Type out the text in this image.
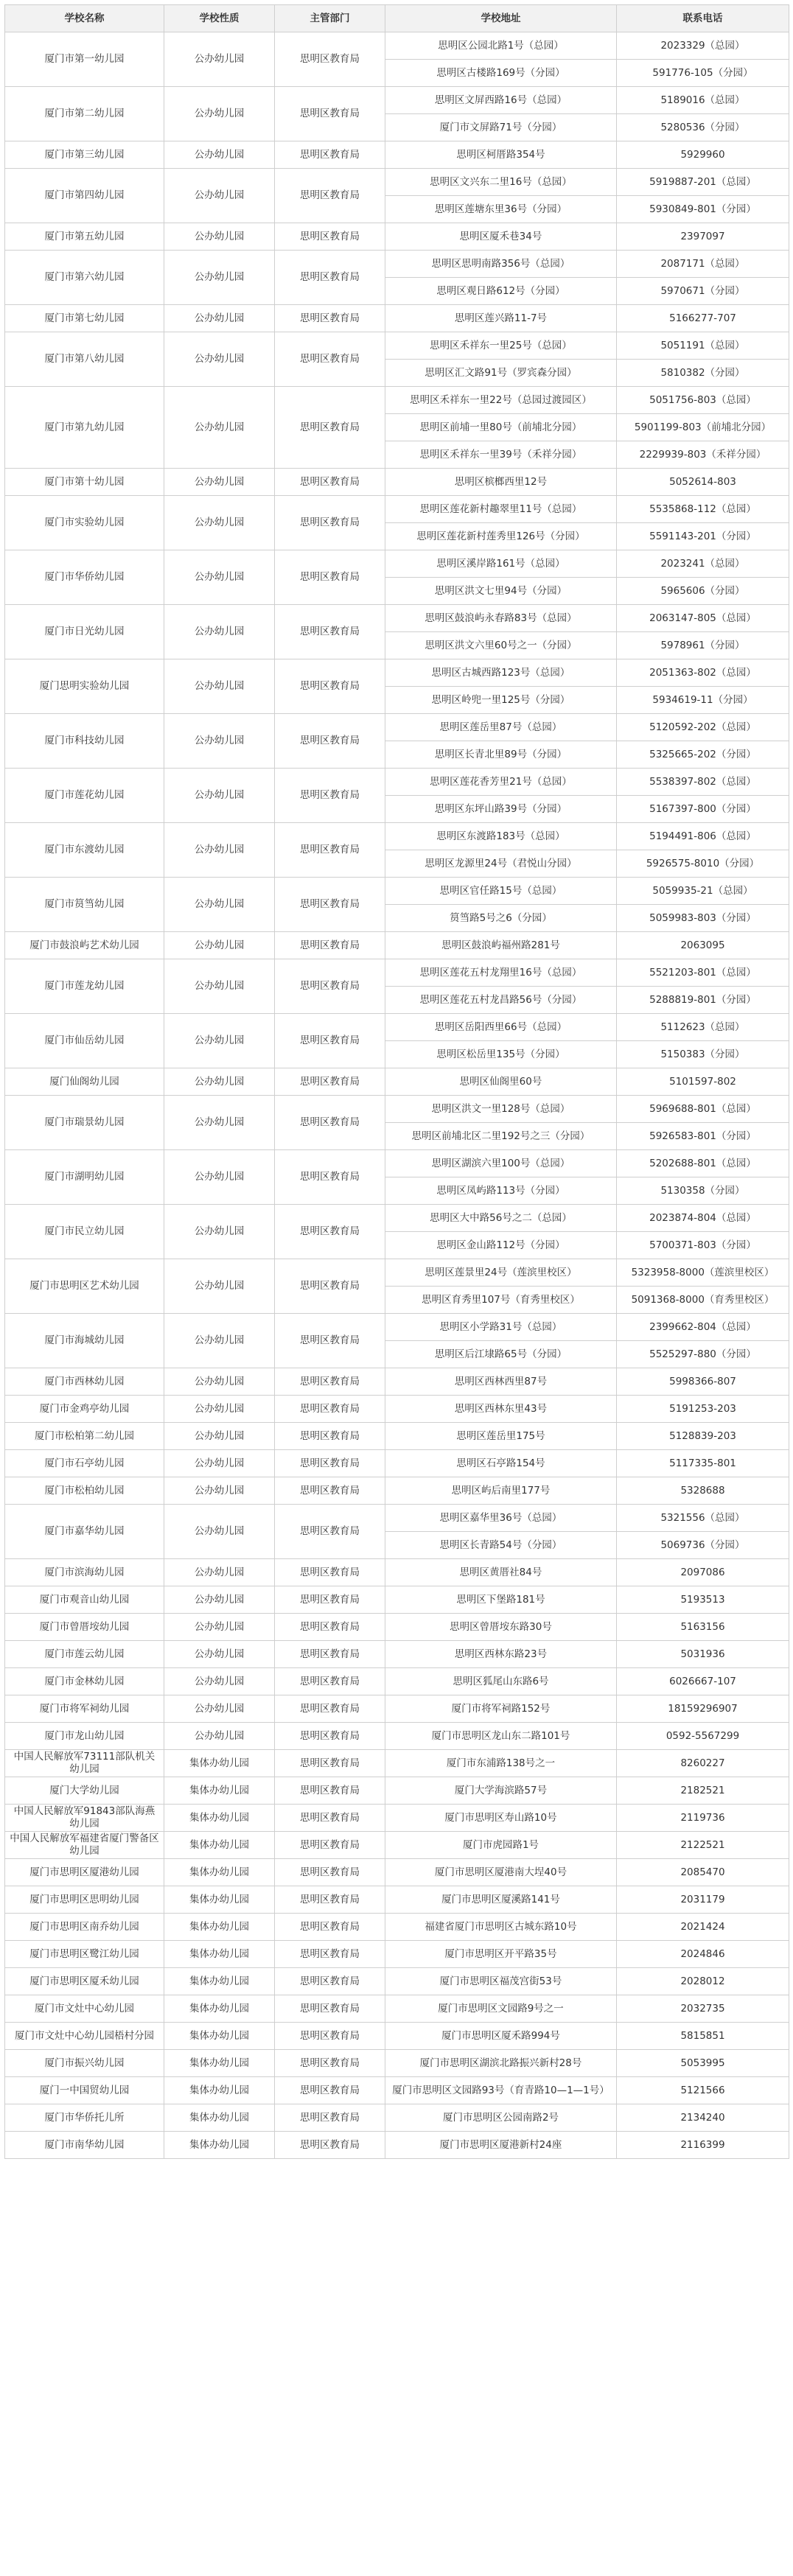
学校名称	学校性质	主管部门	学校地址	联系电话
厦门市第一幼儿园	公办幼儿园	思明区教育局	思明区公园北路1号（总园）	2023329（总园）
			思明区古楼路169号（分园）	591776-105（分园）
厦门市第二幼儿园	公办幼儿园	思明区教育局	思明区文屏西路16号（总园）	5189016（总园）
			厦门市文屏路71号（分园）	5280536（分园）
厦门市第三幼儿园	公办幼儿园	思明区教育局	思明区柯厝路354号	5929960
厦门市第四幼儿园	公办幼儿园	思明区教育局	思明区文兴东二里16号（总园）	5919887-201（总园）
			思明区莲塘东里36号（分园）	5930849-801（分园）
厦门市第五幼儿园	公办幼儿园	思明区教育局	思明区厦禾巷34号	2397097
厦门市第六幼儿园	公办幼儿园	思明区教育局	思明区思明南路356号（总园）	2087171（总园）
			思明区观日路612号（分园）	5970671（分园）
厦门市第七幼儿园	公办幼儿园	思明区教育局	思明区莲兴路11-7号	5166277-707
厦门市第八幼儿园	公办幼儿园	思明区教育局	思明区禾祥东一里25号（总园）	5051191（总园）
			思明区汇文路91号（罗宾森分园）	5810382（分园）
厦门市第九幼儿园	公办幼儿园	思明区教育局	思明区禾祥东一里22号（总园过渡园区）	5051756-803（总园）
			思明区前埔一里80号（前埔北分园）	5901199-803（前埔北分园）
			思明区禾祥东一里39号（禾祥分园）	2229939-803（禾祥分园）
厦门市第十幼儿园	公办幼儿园	思明区教育局	思明区槟榔西里12号	5052614-803
厦门市实验幼儿园	公办幼儿园	思明区教育局	思明区莲花新村趣翠里11号（总园）	5535868-112（总园）
			思明区莲花新村莲秀里126号（分园）	5591143-201（分园）
厦门市华侨幼儿园	公办幼儿园	思明区教育局	思明区溪岸路161号（总园）	2023241（总园）
			思明区洪文七里94号（分园）	5965606（分园）
厦门市日光幼儿园	公办幼儿园	思明区教育局	思明区鼓浪屿永春路83号（总园）	2063147-805（总园）
			思明区洪文六里60号之一（分园）	5978961（分园）
厦门思明实验幼儿园	公办幼儿园	思明区教育局	思明区古城西路123号（总园）	2051363-802（总园）
			思明区岭兜一里125号（分园）	5934619-11（分园）
厦门市科技幼儿园	公办幼儿园	思明区教育局	思明区莲岳里87号（总园）	5120592-202（总园）
			思明区长青北里89号（分园）	5325665-202（分园）
厦门市莲花幼儿园	公办幼儿园	思明区教育局	思明区莲花香芳里21号（总园）	5538397-802（总园）
			思明区东坪山路39号（分园）	5167397-800（分园）
厦门市东渡幼儿园	公办幼儿园	思明区教育局	思明区东渡路183号（总园）	5194491-806（总园）
			思明区龙源里24号（君悦山分园）	5926575-8010（分园）
厦门市筼筜幼儿园	公办幼儿园	思明区教育局	思明区官任路15号（总园）	5059935-21（总园）
			筼筜路5号之6（分园）	5059983-803（分园）
厦门市鼓浪屿艺术幼儿园	公办幼儿园	思明区教育局	思明区鼓浪屿福州路281号	2063095
厦门市莲龙幼儿园	公办幼儿园	思明区教育局	思明区莲花五村龙翔里16号（总园）	5521203-801（总园）
			思明区莲花五村龙昌路56号（分园）	5288819-801（分园）
厦门市仙岳幼儿园	公办幼儿园	思明区教育局	思明区岳阳西里66号（总园）	5112623（总园）
			思明区松岳里135号（分园）	5150383（分园）
厦门仙阁幼儿园	公办幼儿园	思明区教育局	思明区仙阁里60号	5101597-802
厦门市瑞景幼儿园	公办幼儿园	思明区教育局	思明区洪文一里128号（总园）	5969688-801（总园）
			思明区前埔北区二里192号之三（分园）	5926583-801（分园）
厦门市湖明幼儿园	公办幼儿园	思明区教育局	思明区湖滨六里100号（总园）	5202688-801（总园）
			思明区凤屿路113号（分园）	5130358（分园）
厦门市民立幼儿园	公办幼儿园	思明区教育局	思明区大中路56号之二（总园）	2023874-804（总园）
			思明区金山路112号（分园）	5700371-803（分园）
厦门市思明区艺术幼儿园	公办幼儿园	思明区教育局	思明区莲景里24号（莲滨里校区）	5323958-8000（莲滨里校区）
			思明区育秀里107号（育秀里校区）	5091368-8000（育秀里校区）
厦门市海城幼儿园	公办幼儿园	思明区教育局	思明区小学路31号（总园）	2399662-804（总园）
			思明区后江埭路65号（分园）	5525297-880（分园）
厦门市西林幼儿园	公办幼儿园	思明区教育局	思明区西林西里87号	5998366-807
厦门市金鸡亭幼儿园	公办幼儿园	思明区教育局	思明区西林东里43号	5191253-203
厦门市松柏第二幼儿园	公办幼儿园	思明区教育局	思明区莲岳里175号	5128839-203
厦门市石亭幼儿园	公办幼儿园	思明区教育局	思明区石亭路154号	5117335-801
厦门市松柏幼儿园	公办幼儿园	思明区教育局	思明区屿后南里177号	5328688
厦门市嘉华幼儿园	公办幼儿园	思明区教育局	思明区嘉华里36号（总园）	5321556（总园）
			思明区长青路54号（分园）	5069736（分园）
厦门市滨海幼儿园	公办幼儿园	思明区教育局	思明区黄厝社84号	2097086
厦门市观音山幼儿园	公办幼儿园	思明区教育局	思明区下堡路181号	5193513
厦门市曾厝垵幼儿园	公办幼儿园	思明区教育局	思明区曾厝垵东路30号	5163156
厦门市莲云幼儿园	公办幼儿园	思明区教育局	思明区西林东路23号	5031936
厦门市金林幼儿园	公办幼儿园	思明区教育局	思明区狐尾山东路6号	6026667-107
厦门市将军祠幼儿园	公办幼儿园	思明区教育局	厦门市将军祠路152号	18159296907
厦门市龙山幼儿园	公办幼儿园	思明区教育局	厦门市思明区龙山东二路101号	0592-5567299
中国人民解放军73111部队机关幼儿园	集体办幼儿园	思明区教育局	厦门市东浦路138号之一	8260227
厦门大学幼儿园	集体办幼儿园	思明区教育局	厦门大学海滨路57号	2182521
中国人民解放军91843部队海燕幼儿园	集体办幼儿园	思明区教育局	厦门市思明区寿山路10号	2119736
中国人民解放军福建省厦门警备区幼儿园	集体办幼儿园	思明区教育局	厦门市虎园路1号	2122521
厦门市思明区厦港幼儿园	集体办幼儿园	思明区教育局	厦门市思明区厦港南大埕40号	2085470
厦门市思明区思明幼儿园	集体办幼儿园	思明区教育局	厦门市思明区厦溪路141号	2031179
厦门市思明区南乔幼儿园	集体办幼儿园	思明区教育局	福建省厦门市思明区古城东路10号	2021424
厦门市思明区鹭江幼儿园	集体办幼儿园	思明区教育局	厦门市思明区开平路35号	2024846
厦门市思明区厦禾幼儿园	集体办幼儿园	思明区教育局	厦门市思明区福茂宫街53号	2028012
厦门市文灶中心幼儿园	集体办幼儿园	思明区教育局	厦门市思明区文园路9号之一	2032735
厦门市文灶中心幼儿园梧村分园	集体办幼儿园	思明区教育局	厦门市思明区厦禾路994号	5815851
厦门市振兴幼儿园	集体办幼儿园	思明区教育局	厦门市思明区湖滨北路振兴新村28号	5053995
厦门一中国贸幼儿园	集体办幼儿园	思明区教育局	厦门市思明区文园路93号（育青路10—1—1号）	5121566
厦门市华侨托儿所	集体办幼儿园	思明区教育局	厦门市思明区公园南路2号	2134240
厦门市南华幼儿园	集体办幼儿园	思明区教育局	厦门市思明区厦港新村24座	2116399
